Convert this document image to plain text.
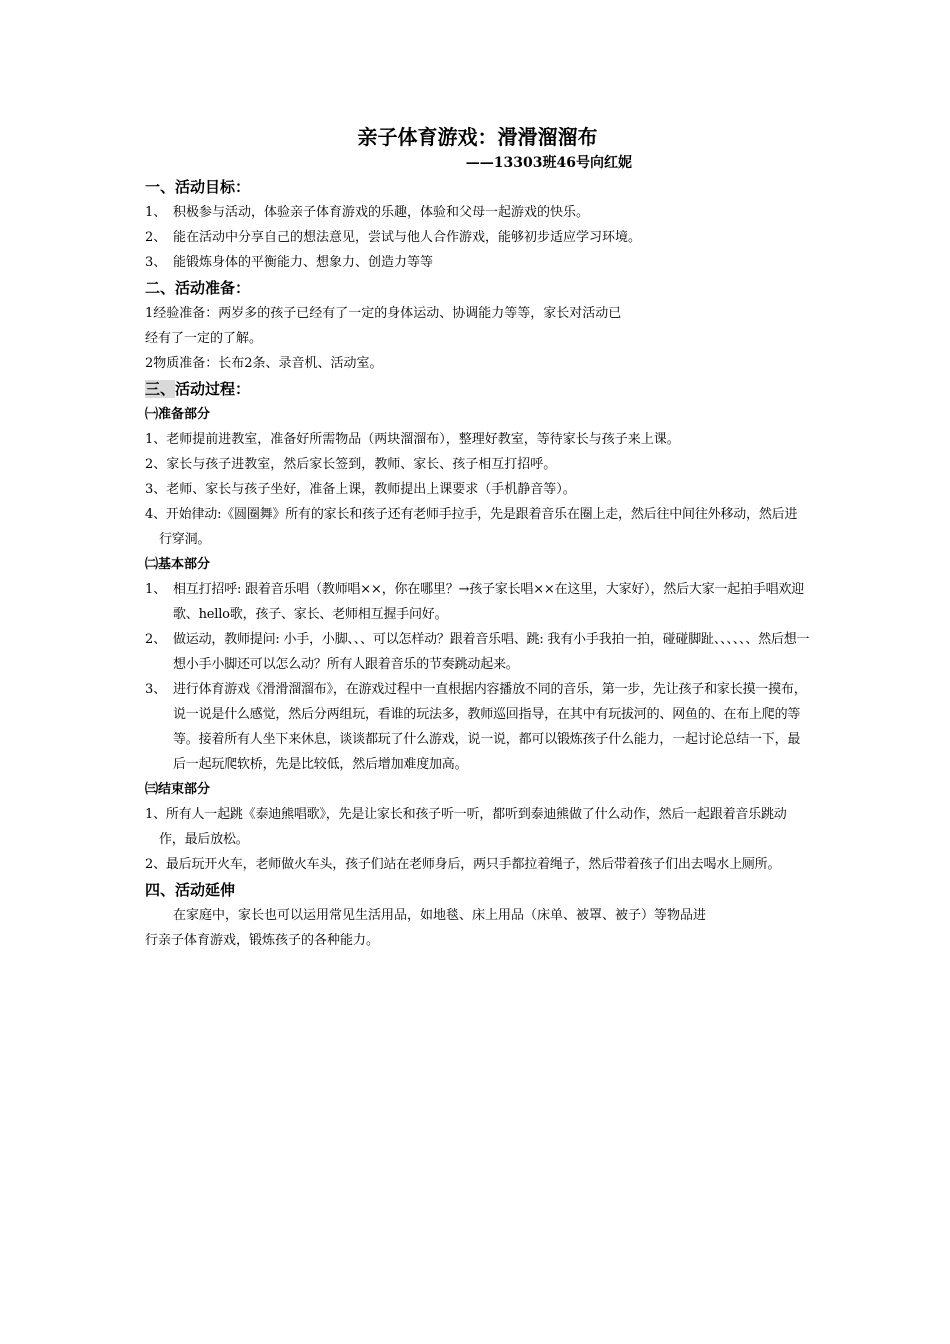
亲子体育游戏：滑滑溜溜布

——13303班46号向红妮

一、活动目标：

1、 积极参与活动，体验亲子体育游戏的乐趣，体验和父母一起游戏的快乐。
2、 能在活动中分享自己的想法意见，尝试与他人合作游戏，能够初步适应学习环境。
3、 能锻炼身体的平衡能力、想象力、创造力等等

二、活动准备：

1经验准备：两岁多的孩子已经有了一定的身体运动、协调能力等等，家长对活动已

经有了一定的了解。

2物质准备：长布2条、录音机、活动室。

三、活动过程：

㈠准备部分

1、老师提前进教室，准备好所需物品（两块溜溜布），整理好教室，等待家长与孩子来上课。
2、家长与孩子进教室，然后家长签到，教师、家长、孩子相互打招呼。
3、老师、家长与孩子坐好，准备上课，教师提出上课要求（手机静音等）。
4、开始律动:《圆圈舞》所有的家长和孩子还有老师手拉手，先是跟着音乐在圈上走，然后往中间往外移动，然后进行穿洞。

㈡基本部分

1、 相互打招呼: 跟着音乐唱（教师唱××，你在哪里？→孩子家长唱××在这里，大家好），然后大家一起拍手唱欢迎歌、hello歌，孩子、家长、老师相互握手问好。
2、 做运动，教师提问: 小手，小脚、、、可以怎样动？跟着音乐唱、跳: 我有小手我拍一拍，碰碰脚趾、、、、、、然后想一想小手小脚还可以怎么动？所有人跟着音乐的节奏跳动起来。
3、 进行体育游戏《滑滑溜溜布》，在游戏过程中一直根据内容播放不同的音乐，第一步，先让孩子和家长摸一摸布，说一说是什么感觉，然后分两组玩，看谁的玩法多，教师巡回指导，在其中有玩拔河的、网鱼的、在布上爬的等等。接着所有人坐下来休息，谈谈都玩了什么游戏，说一说，都可以锻炼孩子什么能力，一起讨论总结一下，最后一起玩爬软桥，先是比较低，然后增加难度加高。

㈢结束部分

1、所有人一起跳《泰迪熊唱歌》，先是让家长和孩子听一听，都听到泰迪熊做了什么动作，然后一起跟着音乐跳动作，最后放松。
2、最后玩开火车，老师做火车头，孩子们站在老师身后，两只手都拉着绳子，然后带着孩子们出去喝水上厕所。

四、活动延伸

在家庭中，家长也可以运用常见生活用品，如地毯、床上用品（床单、被罩、被子）等物品进

行亲子体育游戏，锻炼孩子的各种能力。
